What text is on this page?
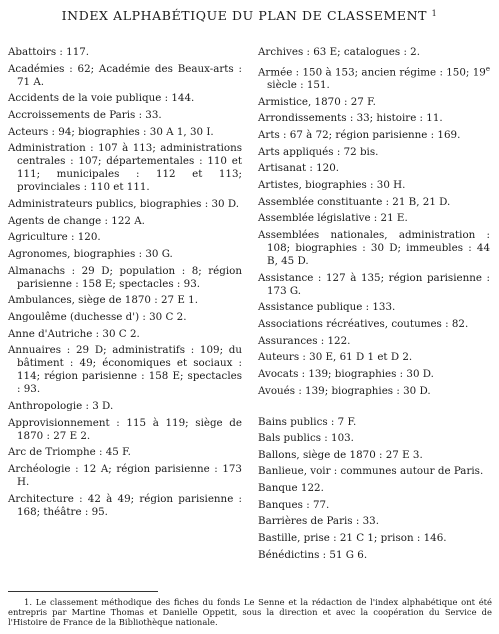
INDEX ALPHABÉTIQUE DU PLAN DE CLASSEMENT $^1$
Abattoirs : 117.
Académies : 62; Académie des Beaux-arts : 71 A.
Accidents de la voie publique : 144.
Accroissements de Paris : 33.
Acteurs : 94; biographies : 30 A 1, 30 I.
Administration : 107 à 113; administrations centrales : 107; départementales : 110 et 111; municipales : 112 et 113; provinciales : 110 et 111.
Administrateurs publics, biographies : 30 D.
Agents de change : 122 A.
Agriculture : 120.
Agronomes, biographies : 30 G.
Almanachs : 29 D; population : 8; région parisienne : 158 E; spectacles : 93.
Ambulances, siège de 1870 : 27 E 1.
Angoulême (duchesse d') : 30 C 2.
Anne d'Autriche : 30 C 2.
Annuaires : 29 D; administratifs : 109; du bâtiment : 49; économiques et sociaux : 114; région parisienne : 158 E; spectacles : 93.
Anthropologie : 3 D.
Approvisionnement : 115 à 119; siège de 1870 : 27 E 2.
Arc de Triomphe : 45 F.
Archéologie : 12 A; région parisienne : 173 H.
Architecture : 42 à 49; région parisienne : 168; théâtre : 95.
Archives : 63 E; catalogues : 2.
Armée : 150 à 153; ancien régime : 150; 19e siècle : 151.
Armistice, 1870 : 27 F.
Arrondissements : 33; histoire : 11.
Arts : 67 à 72; région parisienne : 169.
Arts appliqués : 72 bis.
Artisanat : 120.
Artistes, biographies : 30 H.
Assemblée constituante : 21 B, 21 D.
Assemblée législative : 21 E.
Assemblées nationales, administration : 108; biographies : 30 D; immeubles : 44 B, 45 D.
Assistance : 127 à 135; région parisienne : 173 G.
Assistance publique : 133.
Associations récréatives, coutumes : 82.
Assurances : 122.
Auteurs : 30 E, 61 D 1 et D 2.
Avocats : 139; biographies : 30 D.
Avoués : 139; biographies : 30 D.
Bains publics : 7 F.
Bals publics : 103.
Ballons, siège de 1870 : 27 E 3.
Banlieue, voir : communes autour de Paris.
Banque 122.
Banques : 77.
Barrières de Paris : 33.
Bastille, prise : 21 C 1; prison : 146.
Bénédictins : 51 G 6.
1. Le classement méthodique des fiches du fonds Le Senne et la rédaction de l'index alphabétique ont été entrepris par Martine Thomas et Danielle Oppetit, sous la direction et avec la coopération du Service de l'Histoire de France de la Bibliothèque nationale.
